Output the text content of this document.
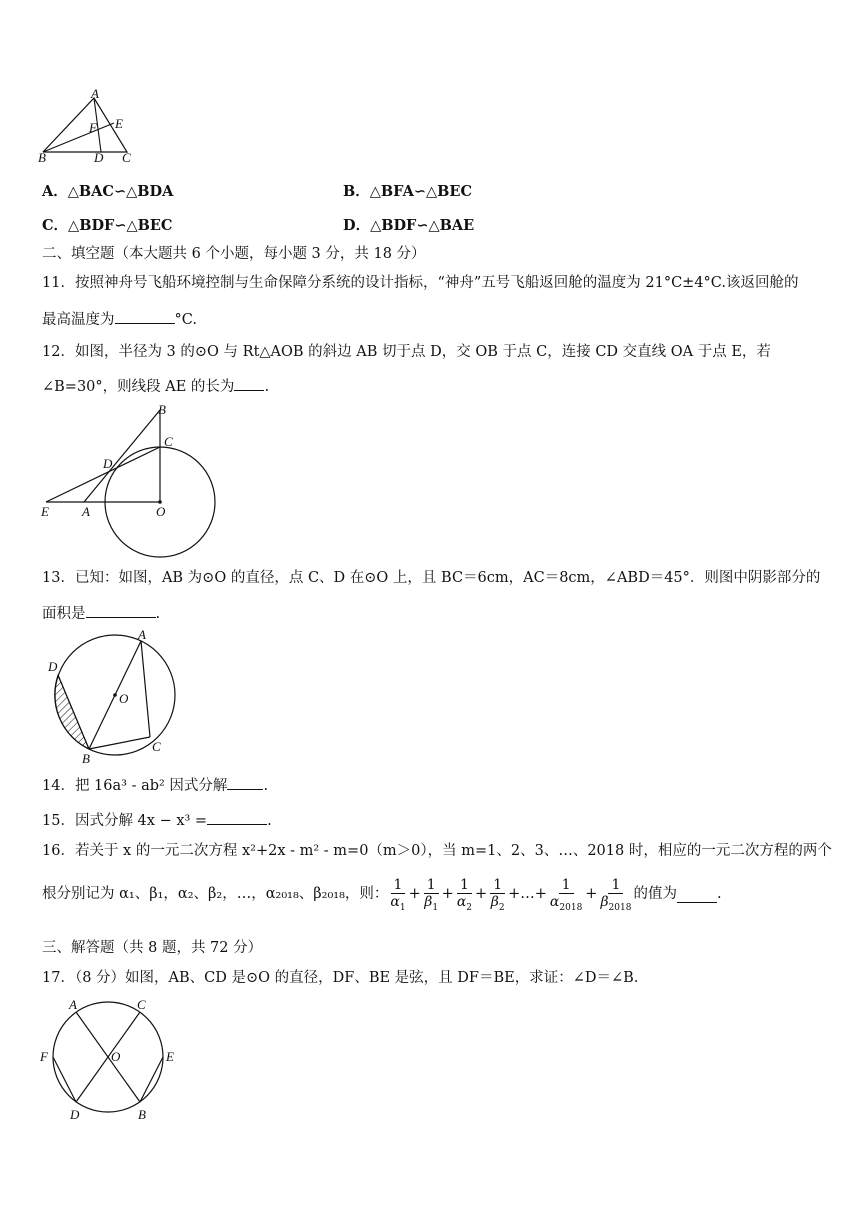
A
F E
B	D C
A．△BAC∽△BDA	B．△BFA∽△BEC
C．△BDF∽△BEC	D．△BDF∽△BAE
二、填空题（本大题共 6 个小题，每小题 3 分，共 18 分）
11．按照神舟号飞船环境控制与生命保障分系统的设计指标，“神舟”五号飞船返回舱的温度为 21°C±4°C.该返回舱的
最高温度为	°C.
12．如图，半径为 3 的⊙O 与 Rt△AOB 的斜边 AB 切于点 D，交 OB 于点 C，连接 CD 交直线 OA 于点 E，若
∠B=30°，则线段 AE 的长为 .
B
C
D
E	A	O
13．已知：如图，AB 为⊙O 的直径，点 C、D 在⊙O 上，且 BC＝6cm，AC＝8cm，∠ABD＝45°．则图中阴影部分的
面积是	.
A
D
O
B
C
14．把 16a³ - ab² 因式分解 .
15．因式分解 4x − x³ =	.
16．若关于 x 的一元二次方程 x²+2x - m² - m=0（m＞0），当 m=1、2、3、…、2018 时，相应的一元二次方程的两个
根分别记为 α₁、β₁，α₂、β₂，…，α₂₀₁₈、β₂₀₁₈，则： $\frac{1}{\alpha_1} + \frac{1}{\beta_1} + \frac{1}{\alpha_2} + \frac{1}{\beta_2}$ +…+ $\frac{1}{\alpha_{2018}} + \frac{1}{\beta_{2018}}$ 的值为	.
三、解答题（共 8 题，共 72 分）
17．（8 分）如图，AB、CD 是⊙O 的直径，DF、BE 是弦，且 DF＝BE，求证：∠D＝∠B.
A	C
F	O	E
D	B
